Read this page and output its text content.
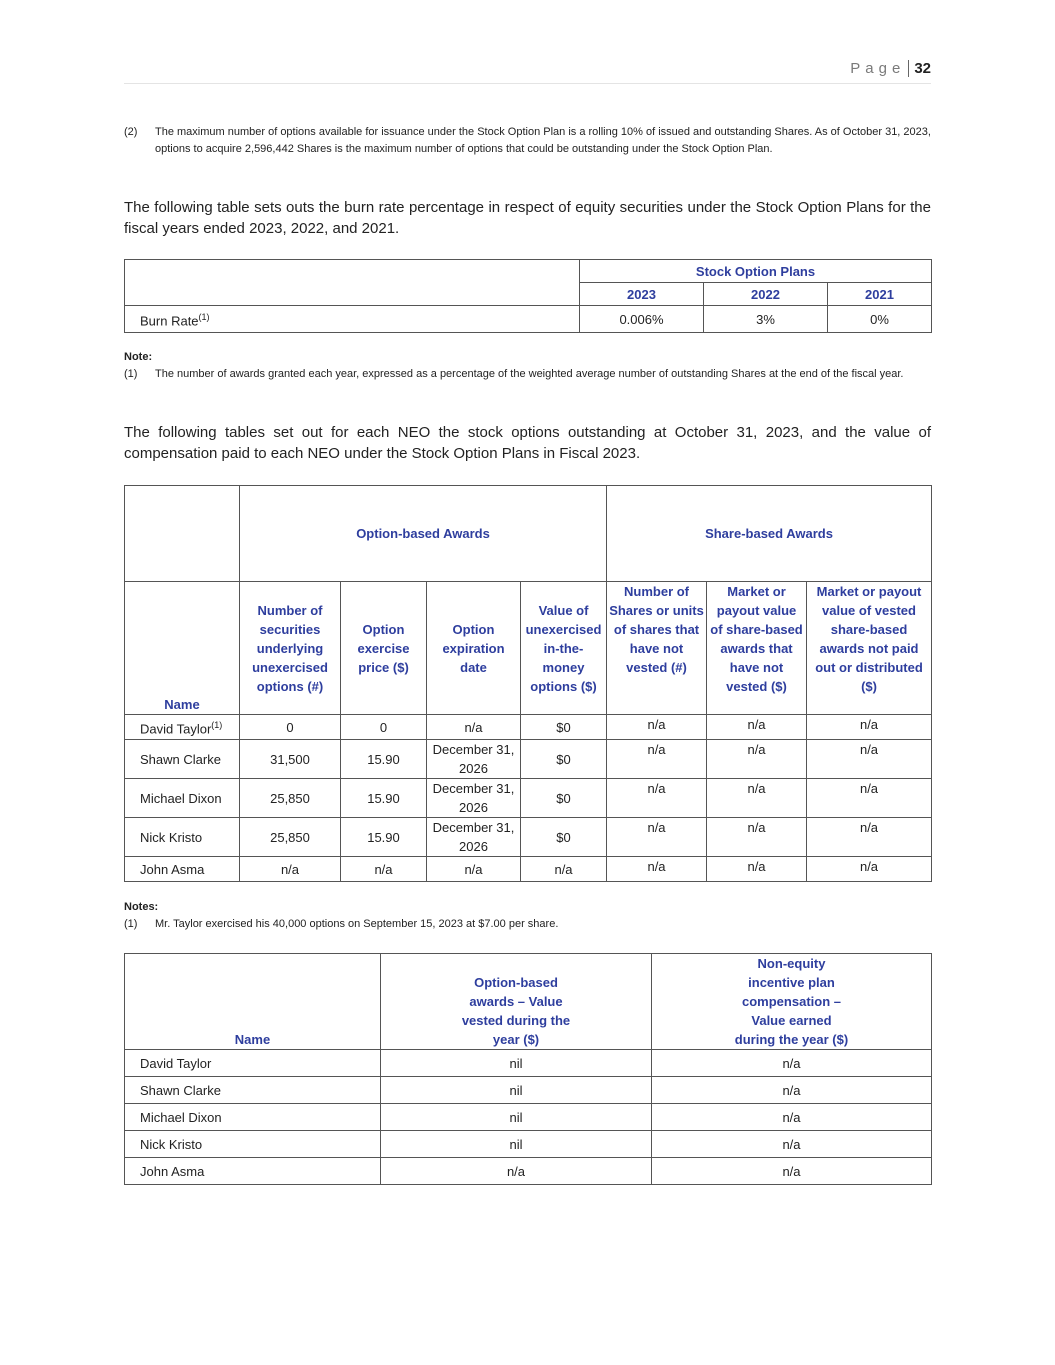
Page 32
(2) The maximum number of options available for issuance under the Stock Option Plan is a rolling 10% of issued and outstanding Shares. As of October 31, 2023, options to acquire 2,596,442 Shares is the maximum number of options that could be outstanding under the Stock Option Plan.
The following table sets outs the burn rate percentage in respect of equity securities under the Stock Option Plans for the fiscal years ended 2023, 2022, and 2021.
	Stock Option Plans		
	2023	2022	2021
Burn Rate$^{(1)}$	0.006%	3%	0%
Note:
(1) The number of awards granted each year, expressed as a percentage of the weighted average number of outstanding Shares at the end of the fiscal year.
The following tables set out for each NEO the stock options outstanding at October 31, 2023, and the value of compensation paid to each NEO under the Stock Option Plans in Fiscal 2023.
	Option-based Awards				Share-based Awards		
Name	Number of securities underlying unexercised options (#)	Option exercise price ($)	Option expiration date	Value of unexercised in-the-money options ($)	Number of Shares or units of shares that have not vested (#)	Market or payout value of share-based awards that have not vested ($)	Market or payout value of vested share-based awards not paid out or distributed ($)
David Taylor$^{(1)}$	0	0	n/a	$0	n/a	n/a	n/a
Shawn Clarke	31,500	15.90	December 31, 2026	$0	n/a	n/a	n/a
Michael Dixon	25,850	15.90	December 31, 2026	$0	n/a	n/a	n/a
Nick Kristo	25,850	15.90	December 31, 2026	$0	n/a	n/a	n/a
John Asma	n/a	n/a	n/a	n/a	n/a	n/a	n/a
Notes:
(1) Mr. Taylor exercised his 40,000 options on September 15, 2023 at $7.00 per share.
Name	Option-based awards – Value vested during the year ($)	Non-equity incentive plan compensation – Value earned during the year ($)
David Taylor	nil	n/a
Shawn Clarke	nil	n/a
Michael Dixon	nil	n/a
Nick Kristo	nil	n/a
John Asma	n/a	n/a
